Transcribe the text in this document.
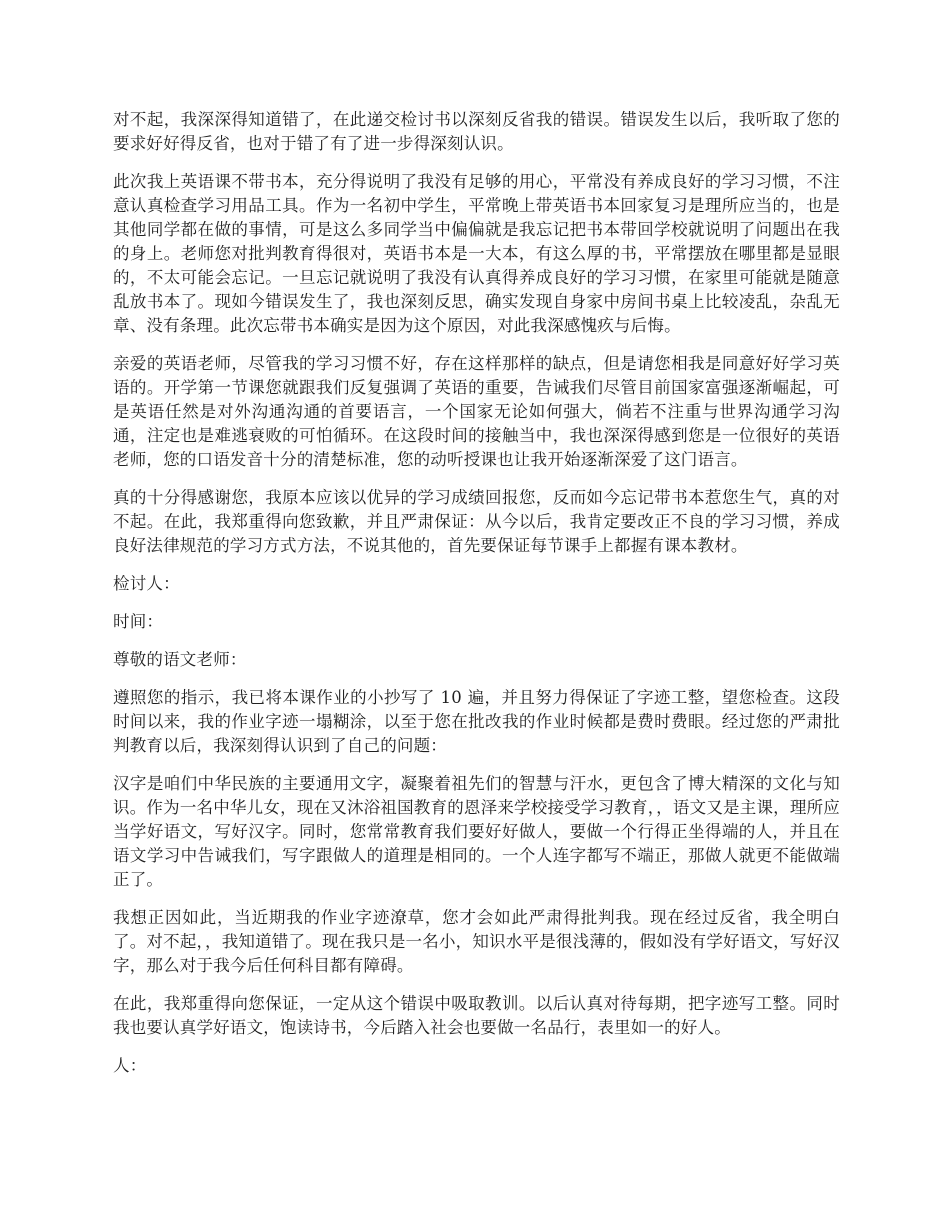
对不起，我深深得知道错了，在此递交检讨书以深刻反省我的错误。错误发生以后，我听取了您的要求好好得反省，也对于错了有了进一步得深刻认识。

此次我上英语课不带书本，充分得说明了我没有足够的用心，平常没有养成良好的学习习惯，不注意认真检查学习用品工具。作为一名初中学生，平常晚上带英语书本回家复习是理所应当的，也是其他同学都在做的事情，可是这么多同学当中偏偏就是我忘记把书本带回学校就说明了问题出在我的身上。老师您对批判教育得很对，英语书本是一大本，有这么厚的书，平常摆放在哪里都是显眼的，不太可能会忘记。一旦忘记就说明了我没有认真得养成良好的学习习惯，在家里可能就是随意乱放书本了。现如今错误发生了，我也深刻反思，确实发现自身家中房间书桌上比较凌乱，杂乱无章、没有条理。此次忘带书本确实是因为这个原因，对此我深感愧疚与后悔。

亲爱的英语老师，尽管我的学习习惯不好，存在这样那样的缺点，但是请您相我是同意好好学习英语的。开学第一节课您就跟我们反复强调了英语的重要，告诫我们尽管目前国家富强逐渐崛起，可是英语任然是对外沟通沟通的首要语言，一个国家无论如何强大，倘若不注重与世界沟通学习沟通，注定也是难逃衰败的可怕循环。在这段时间的接触当中，我也深深得感到您是一位很好的英语老师，您的口语发音十分的清楚标准，您的动听授课也让我开始逐渐深爱了这门语言。

真的十分得感谢您，我原本应该以优异的学习成绩回报您，反而如今忘记带书本惹您生气，真的对不起。在此，我郑重得向您致歉，并且严肃保证：从今以后，我肯定要改正不良的学习习惯，养成良好法律规范的学习方式方法，不说其他的，首先要保证每节课手上都握有课本教材。

检讨人：

时间：

尊敬的语文老师：

遵照您的指示，我已将本课作业的小抄写了 10 遍，并且努力得保证了字迹工整，望您检查。这段时间以来，我的作业字迹一塌糊涂，以至于您在批改我的作业时候都是费时费眼。经过您的严肃批判教育以后，我深刻得认识到了自己的问题：

汉字是咱们中华民族的主要通用文字，凝聚着祖先们的智慧与汗水，更包含了博大精深的文化与知识。作为一名中华儿女，现在又沐浴祖国教育的恩泽来学校接受学习教育，，语文又是主课，理所应当学好语文，写好汉字。同时，您常常教育我们要好好做人，要做一个行得正坐得端的人，并且在语文学习中告诫我们，写字跟做人的道理是相同的。一个人连字都写不端正，那做人就更不能做端正了。

我想正因如此，当近期我的作业字迹潦草，您才会如此严肃得批判我。现在经过反省，我全明白了。对不起，，我知道错了。现在我只是一名小，知识水平是很浅薄的，假如没有学好语文，写好汉字，那么对于我今后任何科目都有障碍。

在此，我郑重得向您保证，一定从这个错误中吸取教训。以后认真对待每期，把字迹写工整。同时我也要认真学好语文，饱读诗书，今后踏入社会也要做一名品行，表里如一的好人。

人：
